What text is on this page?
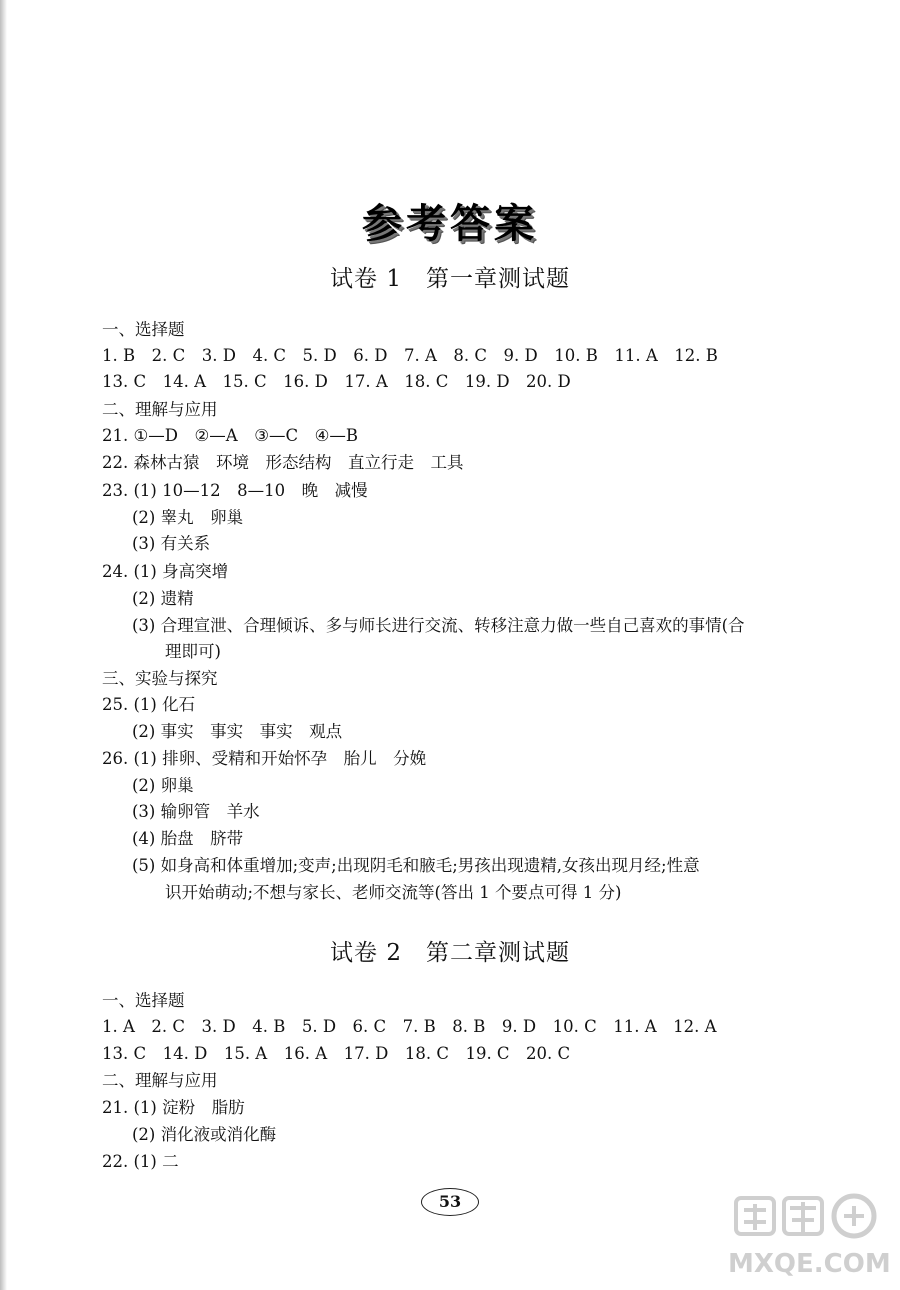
参考答案
试卷 1　第一章测试题
一、选择题
1. B　2. C　3. D　4. C　5. D　6. D　7. A　8. C　9. D　10. B　11. A　12. B
13. C　14. A　15. C　16. D　17. A　18. C　19. D　20. D
二、理解与应用
21. ①—D　②—A　③—C　④—B
22. 森林古猿　环境　形态结构　直立行走　工具
23. (1) 10—12　8—10　晚　减慢
(2) 睾丸　卵巢
(3) 有关系
24. (1) 身高突增
(2) 遗精
(3) 合理宣泄、合理倾诉、多与师长进行交流、转移注意力做一些自己喜欢的事情(合
理即可)
三、实验与探究
25. (1) 化石
(2) 事实　事实　事实　观点
26. (1) 排卵、受精和开始怀孕　胎儿　分娩
(2) 卵巢
(3) 输卵管　羊水
(4) 胎盘　脐带
(5) 如身高和体重增加;变声;出现阴毛和腋毛;男孩出现遗精,女孩出现月经;性意
识开始萌动;不想与家长、老师交流等(答出 1 个要点可得 1 分)
试卷 2　第二章测试题
一、选择题
1. A　2. C　3. D　4. B　5. D　6. C　7. B　8. B　9. D　10. C　11. A　12. A
13. C　14. D　15. A　16. A　17. D　18. C　19. C　20. C
二、理解与应用
21. (1) 淀粉　脂肪
(2) 消化液或消化酶
22. (1) 二
53
MXQE.COM
